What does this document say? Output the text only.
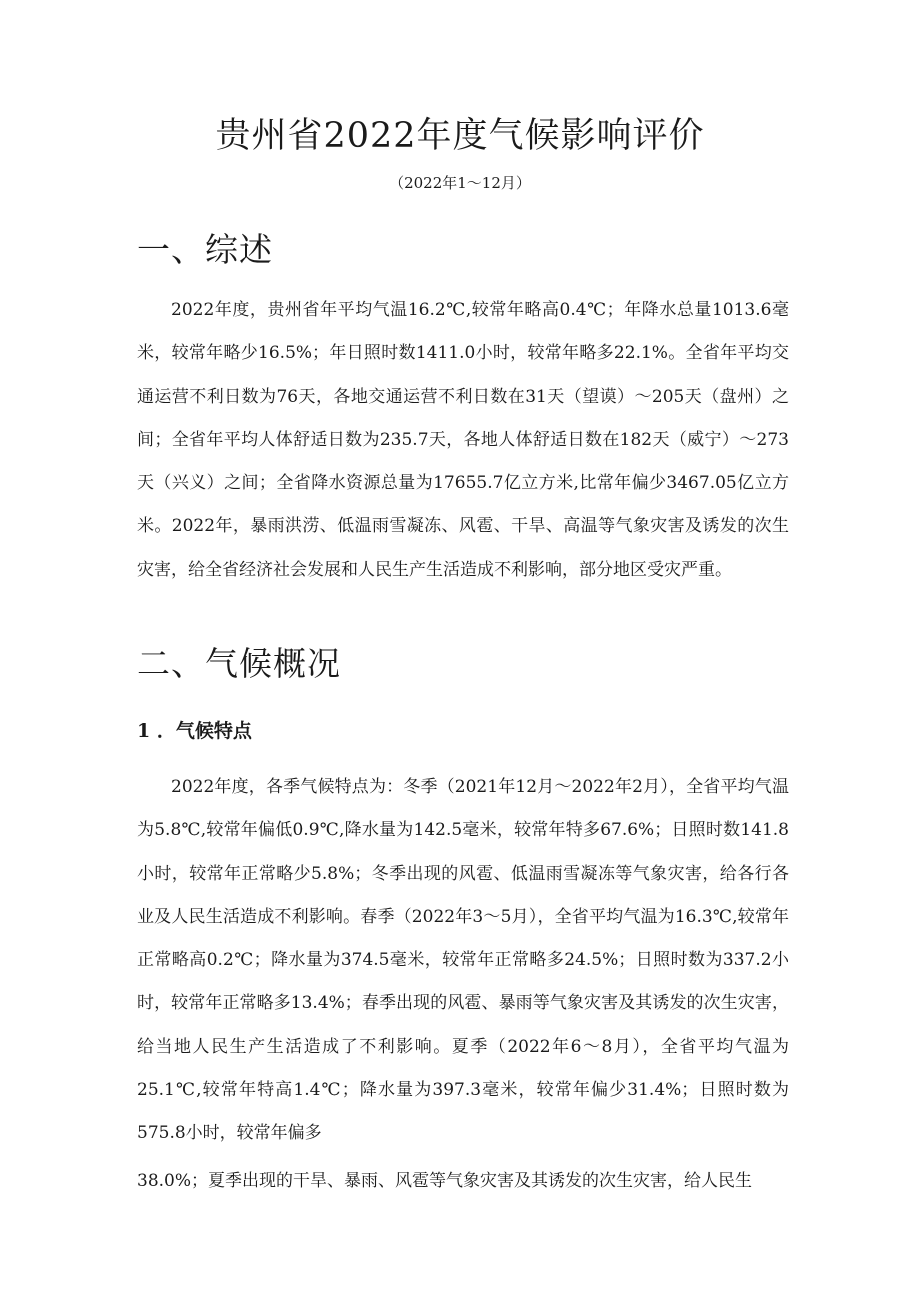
贵州省2022年度气候影响评价

（2022年1～12月）

一、综述

2022年度，贵州省年平均气温16.2℃,较常年略高0.4℃；年降水总量1013.6毫米，较常年略少16.5%；年日照时数1411.0小时，较常年略多22.1%。全省年平均交通运营不利日数为76天，各地交通运营不利日数在31天（望谟）～205天（盘州）之间；全省年平均人体舒适日数为235.7天，各地人体舒适日数在182天（威宁）～273天（兴义）之间；全省降水资源总量为17655.7亿立方米,比常年偏少3467.05亿立方米。2022年，暴雨洪涝、低温雨雪凝冻、风雹、干旱、高温等气象灾害及诱发的次生灾害，给全省经济社会发展和人民生产生活造成不利影响，部分地区受灾严重。

二、气候概况
1 ．气候特点

2022年度，各季气候特点为：冬季（2021年12月～2022年2月），全省平均气温为5.8℃,较常年偏低0.9℃,降水量为142.5毫米，较常年特多67.6%；日照时数141.8小时，较常年正常略少5.8%；冬季出现的风雹、低温雨雪凝冻等气象灾害，给各行各业及人民生活造成不利影响。春季（2022年3～5月），全省平均气温为16.3℃,较常年正常略高0.2℃；降水量为374.5毫米，较常年正常略多24.5%；日照时数为337.2小时，较常年正常略多13.4%；春季出现的风雹、暴雨等气象灾害及其诱发的次生灾害，给当地人民生产生活造成了不利影响。夏季（2022年6～8月），全省平均气温为25.1℃,较常年特高1.4℃；降水量为397.3毫米，较常年偏少31.4%；日照时数为575.8小时，较常年偏多

38.0%；夏季出现的干旱、暴雨、风雹等气象灾害及其诱发的次生灾害，给人民生
